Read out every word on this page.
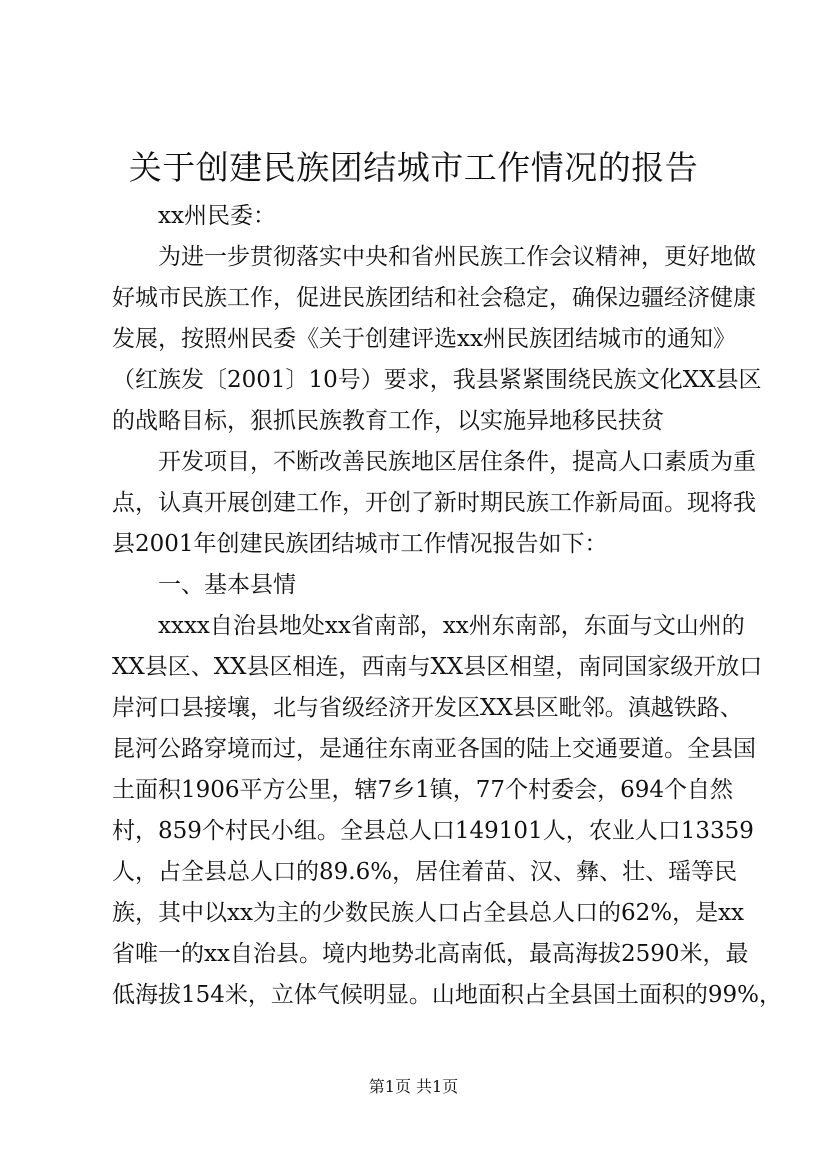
关于创建民族团结城市工作情况的报告
xx州民委：
为进一步贯彻落实中央和省州民族工作会议精神，更好地做
好城市民族工作，促进民族团结和社会稳定，确保边疆经济健康
发展，按照州民委《关于创建评选xx州民族团结城市的通知》
（红族发〔2001〕10号）要求，我县紧紧围绕民族文化XX县区
的战略目标，狠抓民族教育工作，以实施异地移民扶贫
开发项目，不断改善民族地区居住条件，提高人口素质为重
点，认真开展创建工作，开创了新时期民族工作新局面。现将我
县2001年创建民族团结城市工作情况报告如下：
一、基本县情
xxxx自治县地处xx省南部，xx州东南部，东面与文山州的
XX县区、XX县区相连，西南与XX县区相望，南同国家级开放口
岸河口县接壤，北与省级经济开发区XX县区毗邻。滇越铁路、
昆河公路穿境而过，是通往东南亚各国的陆上交通要道。全县国
土面积1906平方公里，辖7乡1镇，77个村委会，694个自然
村，859个村民小组。全县总人口149101人，农业人口13359
人，占全县总人口的89.6%，居住着苗、汉、彝、壮、瑶等民
族，其中以xx为主的少数民族人口占全县总人口的62%，是xx
省唯一的xx自治县。境内地势北高南低，最高海拔2590米，最
低海拔154米，立体气候明显。山地面积占全县国土面积的99%，
第1页 共1页
